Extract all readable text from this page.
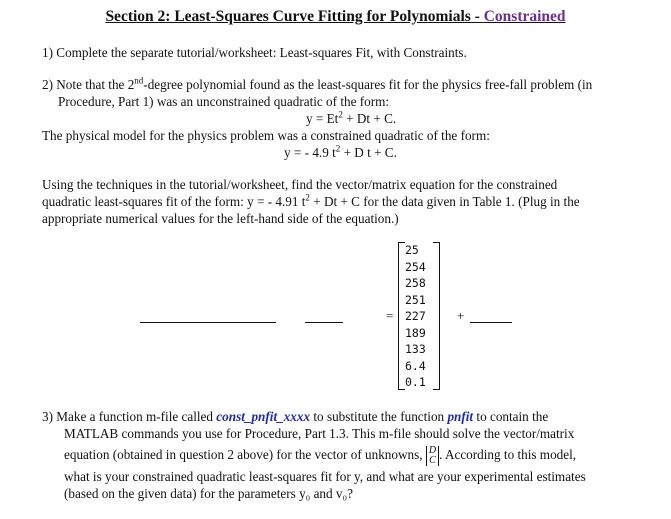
Section 2: Least-Squares Curve Fitting for Polynomials - Constrained
1) Complete the separate tutorial/worksheet: Least-squares Fit, with Constraints.
2) Note that the 2nd-degree polynomial found as the least-squares fit for the physics free-fall problem (in
Procedure, Part 1) was an unconstrained quadratic of the form:
$y = Et^2 + Dt + C$.
The physical model for the physics problem was a constrained quadratic of the form:
y = - 4.9 $t^2 + D$ t + C.
Using the techniques in the tutorial/worksheet, find the vector/matrix equation for the constrained
quadratic least-squares fit of the form: y = - 4.91 $t^2 + Dt + C$ for the data given in Table 1. (Plug in the
appropriate numerical values for the left-hand side of the equation.)
=
25
254
258
251
227
189
133
6.4
0.1
+
3) Make a function m-file called const_pnfit_xxxx to substitute the function pnfit to contain the
MATLAB commands you use for Procedure, Part 1.3. This m-file should solve the vector/matrix
equation (obtained in question 2 above) for the vector of unknowns, D
C . According to this model,
what is your constrained quadratic least-squares fit for y, and what are your experimental estimates
(based on the given data) for the parameters y₀ and v₀?
